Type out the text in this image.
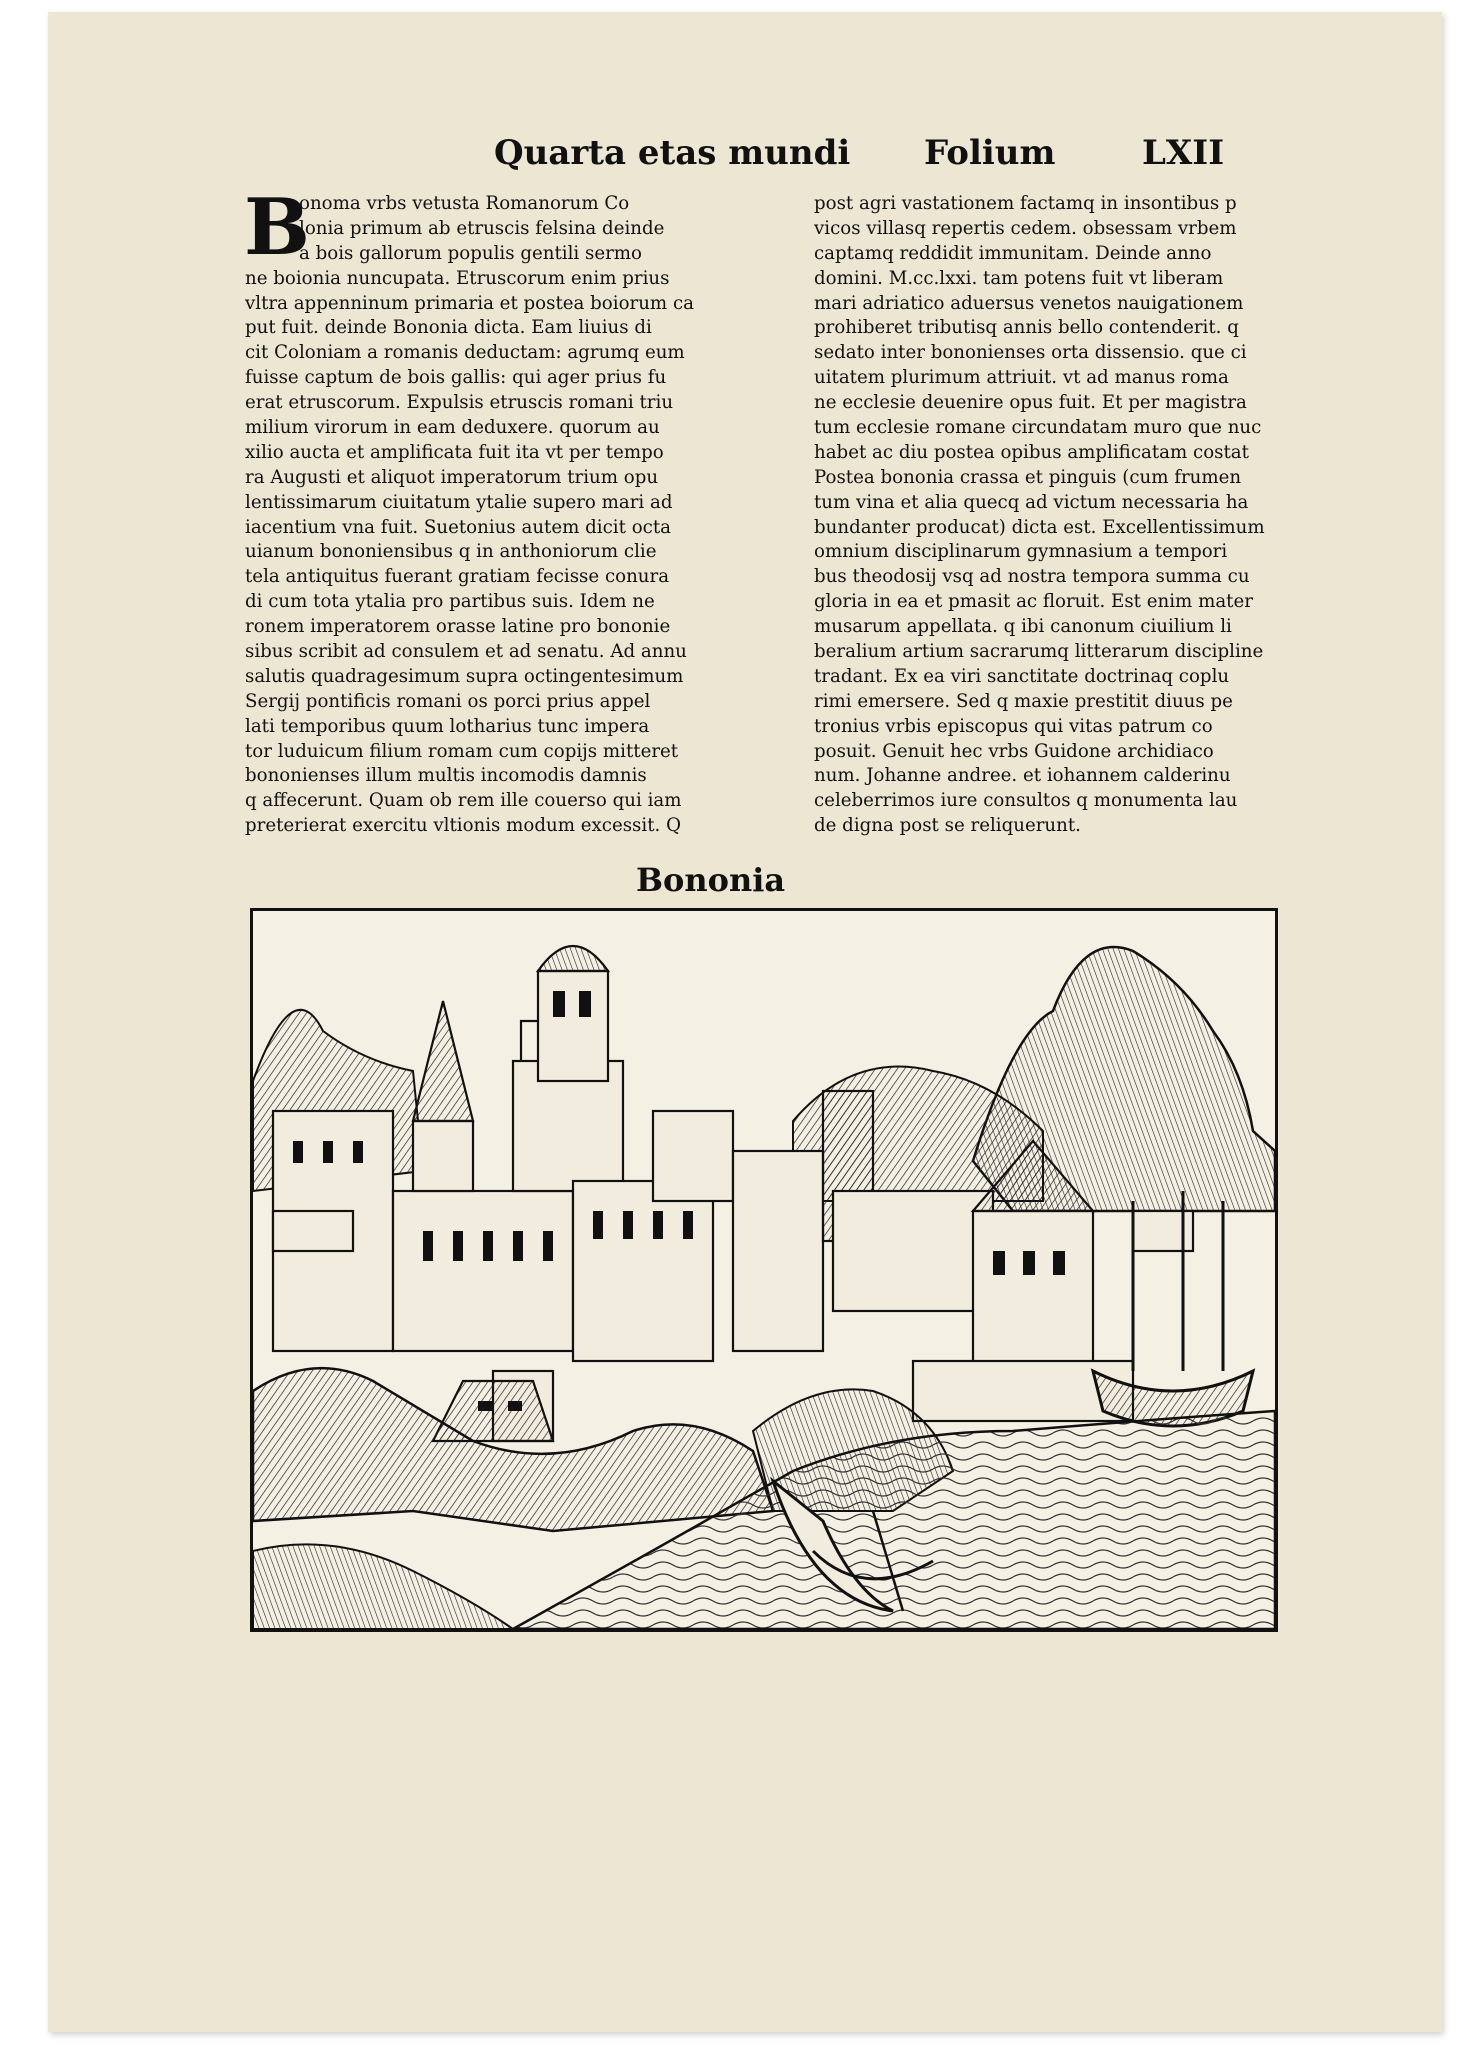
Quarta etas mundi Folium	LXII
B
onoma vrbs vetusta Romanorum Co
lonia primum ab etruscis felsina deinde
a bois gallorum populis gentili sermo
ne boionia nuncupata. Etruscorum enim prius
vltra appenninum primaria et postea boiorum ca
put fuit. deinde Bononia dicta. Eam liuius di
cit Coloniam a romanis deductam: agrumq eum
fuisse captum de bois gallis: qui ager prius fu
erat etruscorum. Expulsis etruscis romani triu
milium virorum in eam deduxere. quorum au
xilio aucta et amplificata fuit ita vt per tempo
ra Augusti et aliquot imperatorum trium opu
lentissimarum ciuitatum ytalie supero mari ad
iacentium vna fuit. Suetonius autem dicit octa
uianum bononiensibus q in anthoniorum clie
tela antiquitus fuerant gratiam fecisse conura
di cum tota ytalia pro partibus suis. Idem ne
ronem imperatorem orasse latine pro bononie
sibus scribit ad consulem et ad senatu. Ad annu
salutis quadragesimum supra octingentesimum
Sergij pontificis romani os porci prius appel
lati temporibus quum lotharius tunc impera
tor luduicum filium romam cum copijs mitteret
bononienses illum multis incomodis damnis
q affecerunt. Quam ob rem ille couerso qui iam
preterierat exercitu vltionis modum excessit. Q
post agri vastationem factamq in insontibus p
vicos villasq repertis cedem. obsessam vrbem
captamq reddidit immunitam. Deinde anno
domini. M.cc.lxxi. tam potens fuit vt liberam
mari adriatico aduersus venetos nauigationem
prohiberet tributisq annis bello contenderit. q
sedato inter bononienses orta dissensio. que ci
uitatem plurimum attriuit. vt ad manus roma
ne ecclesie deuenire opus fuit. Et per magistra
tum ecclesie romane circundatam muro que nuc
habet ac diu postea opibus amplificatam costat
Postea bononia crassa et pinguis (cum frumen
tum vina et alia quecq ad victum necessaria ha
bundanter producat) dicta est. Excellentissimum
omnium disciplinarum gymnasium a tempori
bus theodosij vsq ad nostra tempora summa cu
gloria in ea et pmasit ac floruit. Est enim mater
musarum appellata. q ibi canonum ciuilium li
beralium artium sacrarumq litterarum disciplinе
tradant. Ex ea viri sanctitate doctrinaq coplu
rimi emersere. Sed q maxie prestitit diuus pe
tronius vrbis episcopus qui vitas patrum co
posuit. Genuit hec vrbs Guidone archidiaco
num. Johanne andree. et iohannem calderinu
celeberrimos iure consultos q monumenta lau
de digna post se reliquerunt.
Bononia
